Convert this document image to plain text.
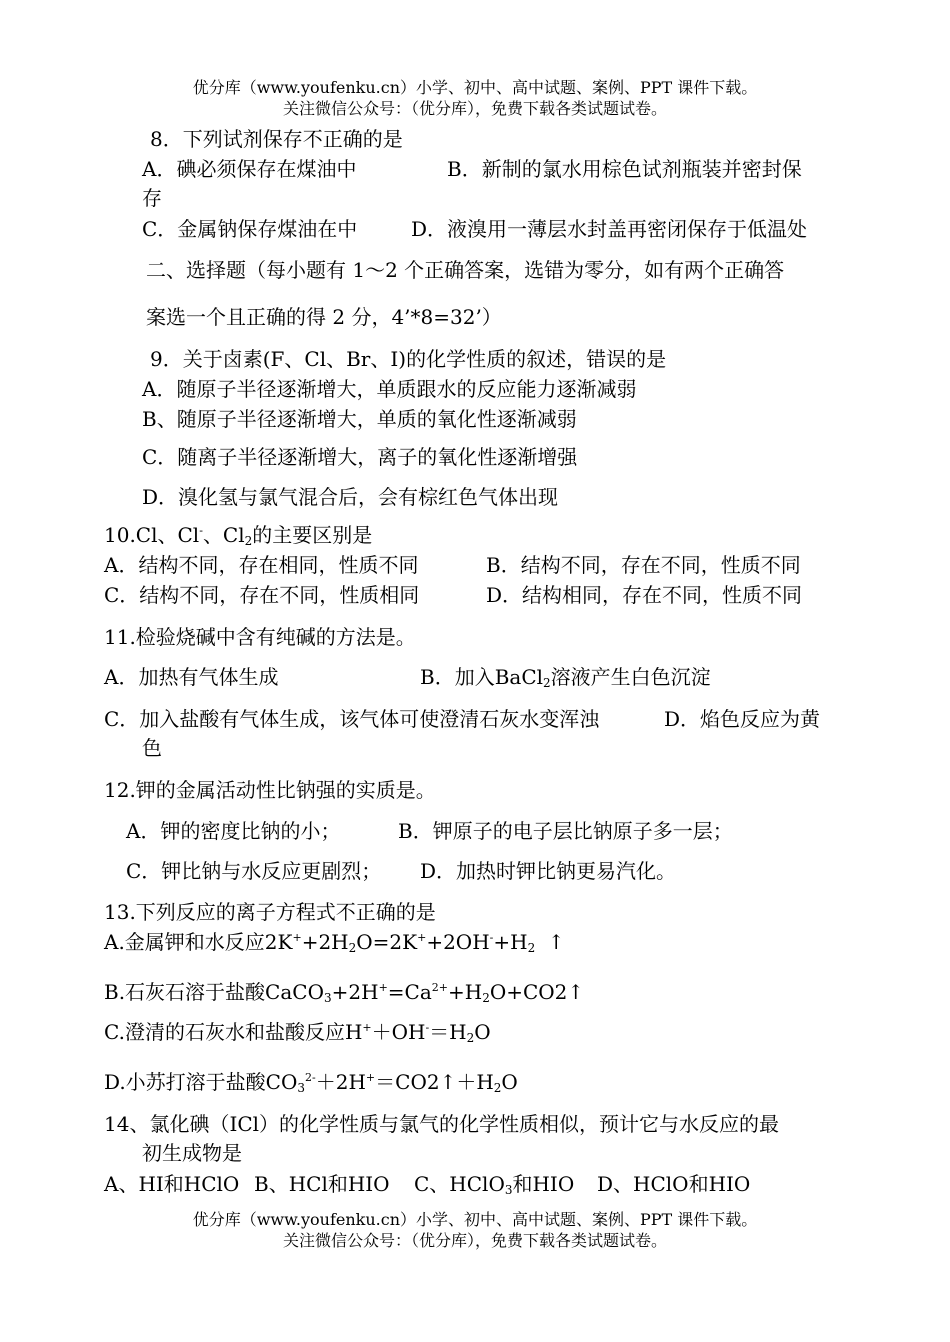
优分库（www.youfenku.cn）小学、初中、高中试题、案例、PPT 课件下载。
关注微信公众号：（优分库），免费下载各类试题试卷。
8．下列试剂保存不正确的是
A．碘必须保存在煤油中	B．新制的氯水用棕色试剂瓶装并密封保
存
C．金属钠保存煤油在中	D．液溴用一薄层水封盖再密闭保存于低温处
二、选择题（每小题有 1～2 个正确答案，选错为零分，如有两个正确答
案选一个且正确的得 2 分，4’*8=32’）
9．关于卤素(F、Cl、Br、I)的化学性质的叙述，错误的是
A．随原子半径逐渐增大，单质跟水的反应能力逐渐减弱
B、随原子半径逐渐增大，单质的氧化性逐渐减弱
C．随离子半径逐渐增大，离子的氧化性逐渐增强
D．溴化氢与氯气混合后，会有棕红色气体出现
10.Cl、Cl-、$Cl_2$的主要区别是
A．结构不同，存在相同，性质不同	B．结构不同，存在不同，性质不同
C．结构不同，存在不同，性质相同	D．结构相同，存在不同，性质不同
11.检验烧碱中含有纯碱的方法是。
A．加热有气体生成	B．加入BaCl$_2$溶液产生白色沉淀
C．加入盐酸有气体生成，该气体可使澄清石灰水变浑浊	D．焰色反应为黄
色
12.钾的金属活动性比钠强的实质是。
A．钾的密度比钠的小；	B．钾原子的电子层比钠原子多一层；
C．钾比钠与水反应更剧烈； D．加热时钾比钠更易汽化。
13.下列反应的离子方程式不正确的是
A.金属钾和水反应$2K^++2H_2O=2K^++2OH^-+H_2$  ↑
B.石灰石溶于盐酸$CaCO_3+2H^+=Ca^{2+}+H_2O+CO2↑$
C.澄清的石灰水和盐酸反应$H^++OH^-=H_2O$
D.小苏打溶于盐酸$CO_3^{2-}+2H^+=CO2↑+H_2O$
14、氯化碘（ICl）的化学性质与氯气的化学性质相似，预计它与水反应的最
初生成物是
A、HI和HClO B、HCl和HIO C、HClO$_3$和HIO D、HClO和HIO
优分库（www.youfenku.cn）小学、初中、高中试题、案例、PPT 课件下载。
关注微信公众号：（优分库），免费下载各类试题试卷。
